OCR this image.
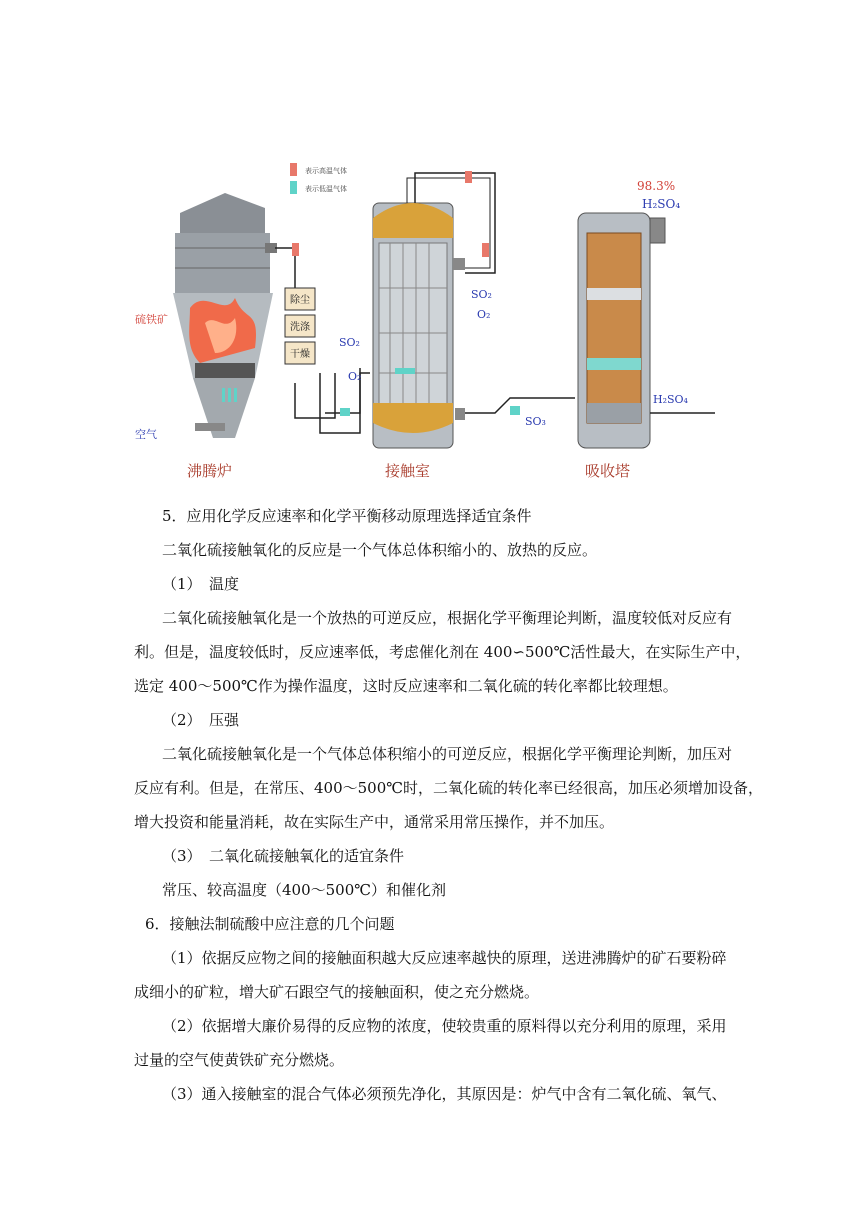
表示高温气体
表示低温气体
硫铁矿
空气
除尘
洗涤
干燥
SO₂
O₂
SO₂
O₂
SO₃
98.3%
H₂SO₄
H₂SO₄
沸腾炉	接触室	吸收塔
5．应用化学反应速率和化学平衡移动原理选择适宜条件
二氧化硫接触氧化的反应是一个气体总体积缩小的、放热的反应。
（1）　温度
二氧化硫接触氧化是一个放热的可逆反应，根据化学平衡理论判断，温度较低对反应有
利。但是，温度较低时，反应速率低，考虑催化剂在 400∽500℃活性最大，在实际生产中，
选定 400～500℃作为操作温度，这时反应速率和二氧化硫的转化率都比较理想。
（2）　压强
二氧化硫接触氧化是一个气体总体积缩小的可逆反应，根据化学平衡理论判断，加压对
反应有利。但是，在常压、400～500℃时，二氧化硫的转化率已经很高，加压必须增加设备，
增大投资和能量消耗，故在实际生产中，通常采用常压操作，并不加压。
（3）　二氧化硫接触氧化的适宜条件
常压、较高温度（400～500℃）和催化剂
6．接触法制硫酸中应注意的几个问题
（1）依据反应物之间的接触面积越大反应速率越快的原理，送进沸腾炉的矿石要粉碎
成细小的矿粒，增大矿石跟空气的接触面积，使之充分燃烧。
（2）依据增大廉价易得的反应物的浓度，使较贵重的原料得以充分利用的原理，采用
过量的空气使黄铁矿充分燃烧。
（3）通入接触室的混合气体必须预先净化，其原因是：炉气中含有二氧化硫、氧气、
